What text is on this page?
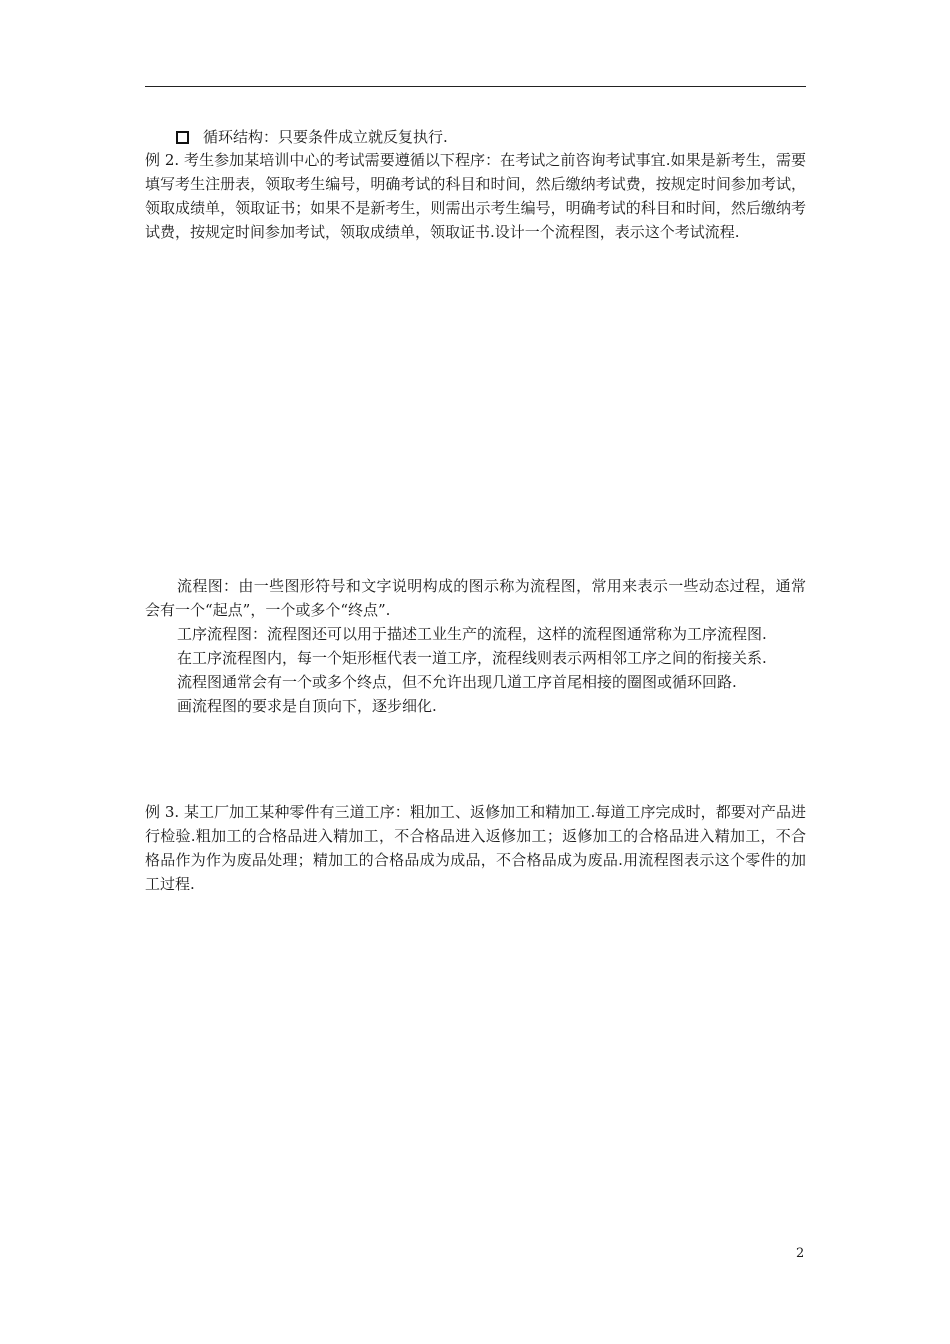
循环结构：只要条件成立就反复执行.

例 2. 考生参加某培训中心的考试需要遵循以下程序：在考试之前咨询考试事宜.如果是新考生，需要填写考生注册表，领取考生编号，明确考试的科目和时间，然后缴纳考试费，按规定时间参加考试，领取成绩单，领取证书；如果不是新考生，则需出示考生编号，明确考试的科目和时间，然后缴纳考试费，按规定时间参加考试，领取成绩单，领取证书.设计一个流程图，表示这个考试流程.

流程图：由一些图形符号和文字说明构成的图示称为流程图，常用来表示一些动态过程，通常会有一个“起点”，一个或多个“终点”.

工序流程图：流程图还可以用于描述工业生产的流程，这样的流程图通常称为工序流程图.

在工序流程图内，每一个矩形框代表一道工序，流程线则表示两相邻工序之间的衔接关系.

流程图通常会有一个或多个终点，但不允许出现几道工序首尾相接的圈图或循环回路.

画流程图的要求是自顶向下，逐步细化.

例 3. 某工厂加工某种零件有三道工序：粗加工、返修加工和精加工.每道工序完成时，都要对产品进行检验.粗加工的合格品进入精加工，不合格品进入返修加工；返修加工的合格品进入精加工，不合格品作为作为废品处理；精加工的合格品成为成品，不合格品成为废品.用流程图表示这个零件的加工过程.

2
